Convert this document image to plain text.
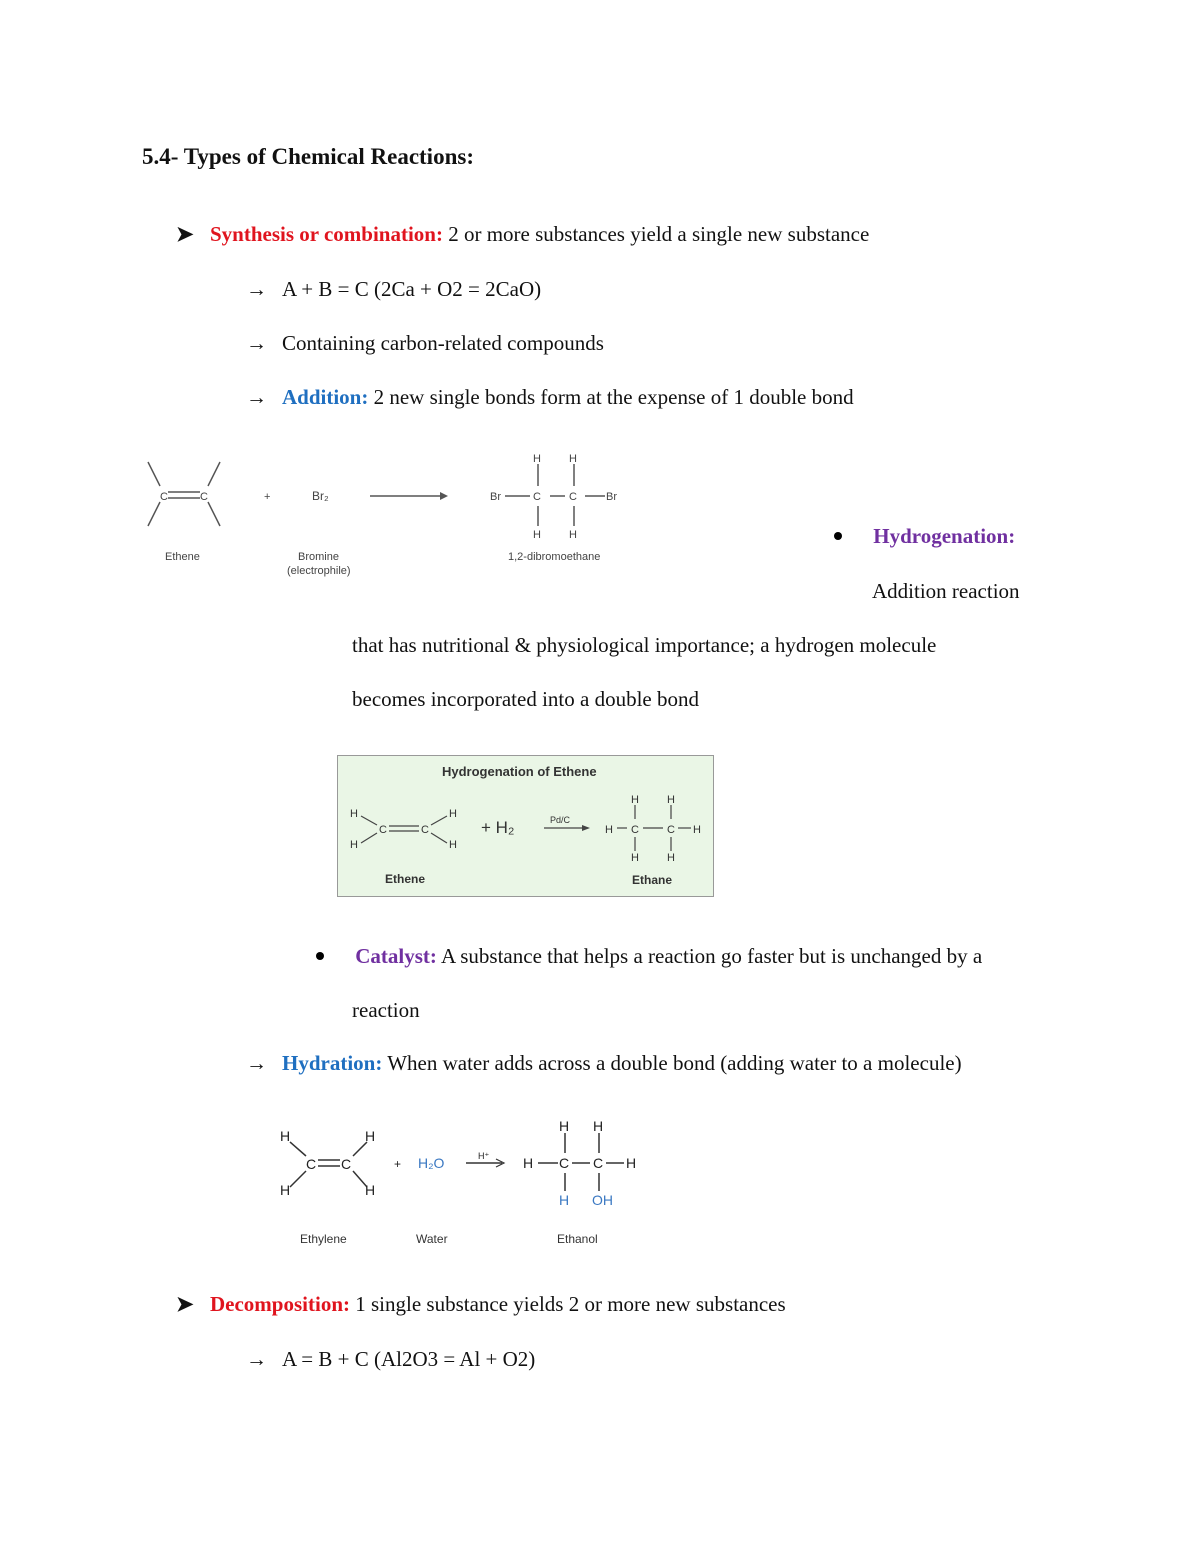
5.4- Types of Chemical Reactions:
➤ Synthesis or combination: 2 or more substances yield a single new substance
→ A + B = C (2Ca + O2 = 2CaO)
→ Containing carbon-related compounds
→ Addition: 2 new single bonds form at the expense of 1 double bond
C	C	+	Br₂
H	H
Br	C	C	Br
H	H
Ethene	Bromine
(electrophile)
1,2-dibromoethane
Hydrogenation:
Addition reaction
that has nutritional & physiological importance; a hydrogen molecule
becomes incorporated into a double bond
Hydrogenation of Ethene
H
H
C	C
H
H
+ H₂	Pd/C
H
H	H
C	C H
H	H
Ethene	Ethane
Catalyst: A substance that helps a reaction go faster but is unchanged by a
reaction
→ Hydration: When water adds across a double bond (adding water to a molecule)
H
H
C C
H
H
+ H₂O	H⁺ H
H H
C C H
H OH
Ethylene	Water	Ethanol
➤ Decomposition: 1 single substance yields 2 or more new substances
→ A = B + C (Al2O3 = Al + O2)
